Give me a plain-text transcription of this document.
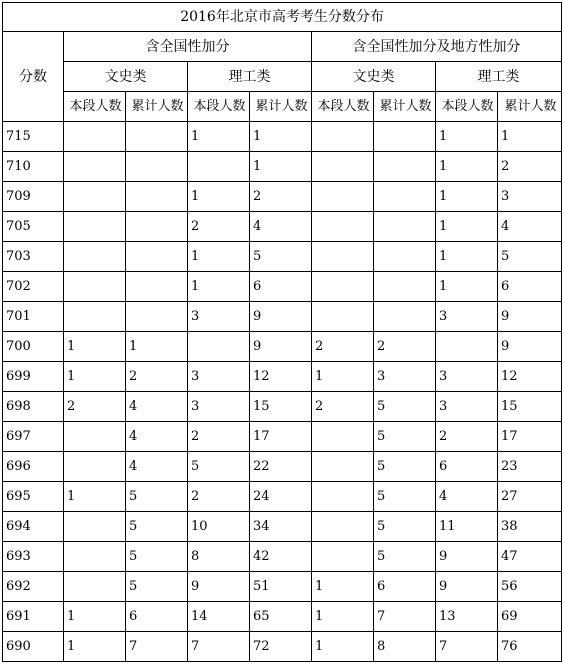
2016年北京市高考考生分数分布								
分数	含全国性加分				含全国性加分及地方性加分			
	文史类		理工类		文史类		理工类	
	本段人数	累计人数	本段人数	累计人数	本段人数	累计人数	本段人数	累计人数
715			1	1			1	1
710				1			1	2
709			1	2			1	3
705			2	4			1	4
703			1	5			1	5
702			1	6			1	6
701			3	9			3	9
700	1	1		9	2	2		9
699	1	2	3	12	1	3	3	12
698	2	4	3	15	2	5	3	15
697		4	2	17		5	2	17
696		4	5	22		5	6	23
695	1	5	2	24		5	4	27
694		5	10	34		5	11	38
693		5	8	42		5	9	47
692		5	9	51	1	6	9	56
691	1	6	14	65	1	7	13	69
690	1	7	7	72	1	8	7	76
